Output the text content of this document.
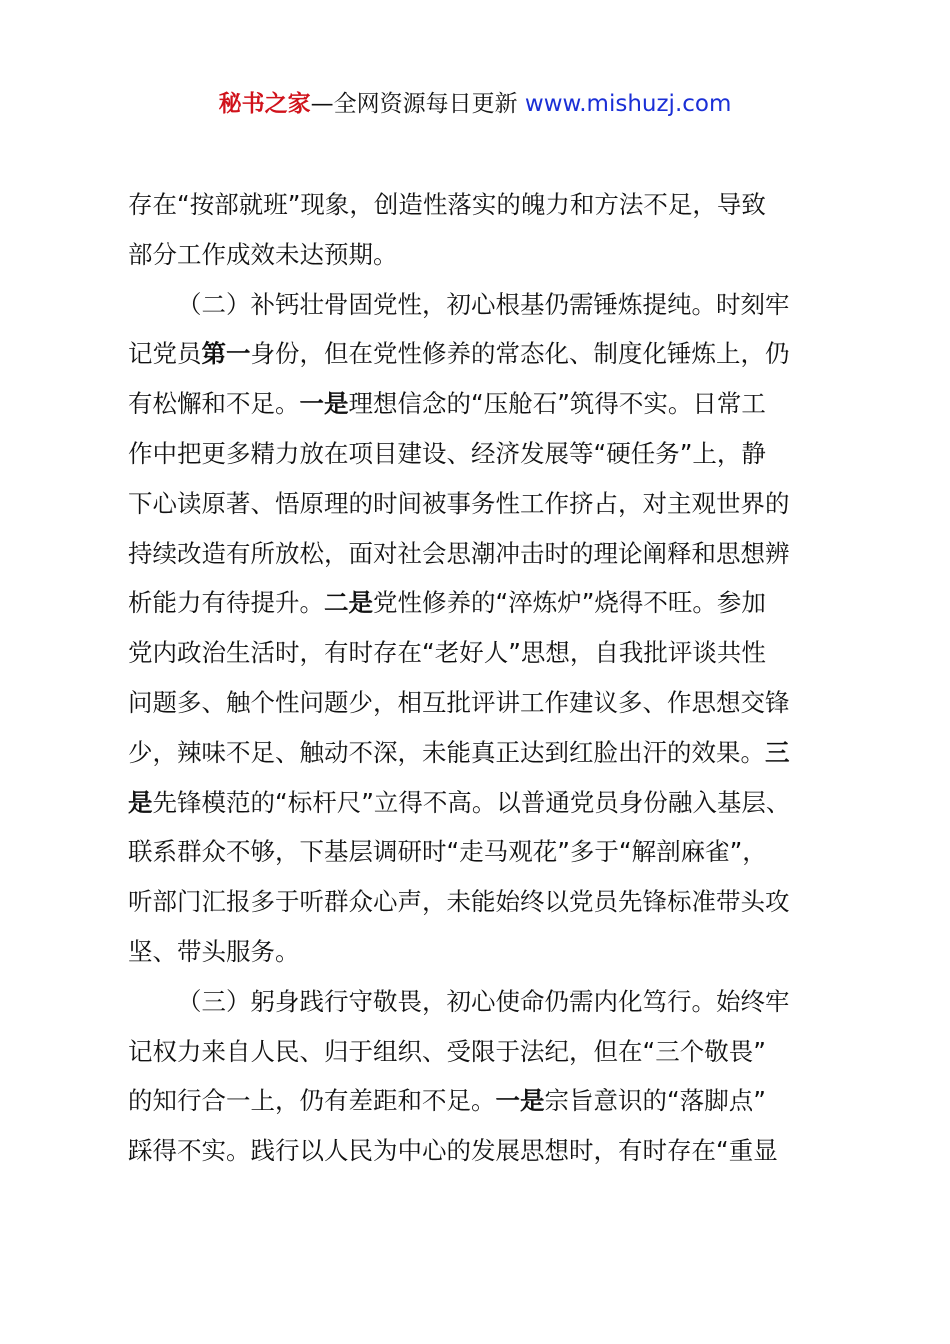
秘书之家—全网资源每日更新 www.mishuzj.com
存在“按部就班”现象，创造性落实的魄力和方法不足，导致
部分工作成效未达预期。
（二）补钙壮骨固党性，初心根基仍需锤炼提纯。时刻牢
记党员第一身份，但在党性修养的常态化、制度化锤炼上，仍
有松懈和不足。一是理想信念的“压舱石”筑得不实。日常工
作中把更多精力放在项目建设、经济发展等“硬任务”上，静
下心读原著、悟原理的时间被事务性工作挤占，对主观世界的
持续改造有所放松，面对社会思潮冲击时的理论阐释和思想辨
析能力有待提升。二是党性修养的“淬炼炉”烧得不旺。参加
党内政治生活时，有时存在“老好人”思想，自我批评谈共性
问题多、触个性问题少，相互批评讲工作建议多、作思想交锋
少，辣味不足、触动不深，未能真正达到红脸出汗的效果。三
是先锋模范的“标杆尺”立得不高。以普通党员身份融入基层、
联系群众不够，下基层调研时“走马观花”多于“解剖麻雀”，
听部门汇报多于听群众心声，未能始终以党员先锋标准带头攻
坚、带头服务。
（三）躬身践行守敬畏，初心使命仍需内化笃行。始终牢
记权力来自人民、归于组织、受限于法纪，但在“三个敬畏”
的知行合一上，仍有差距和不足。一是宗旨意识的“落脚点”
踩得不实。践行以人民为中心的发展思想时，有时存在“重显
